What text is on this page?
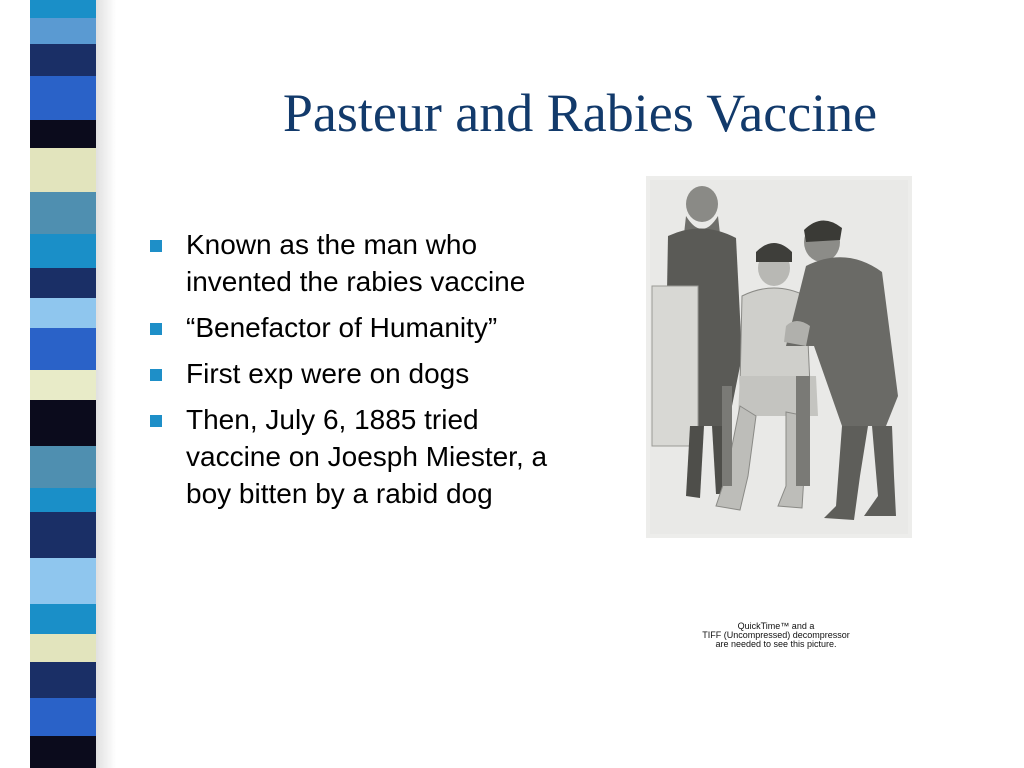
Pasteur and Rabies Vaccine
Known as the man who invented the rabies vaccine
“Benefactor of Humanity”
First exp were on dogs
Then, July 6, 1885 tried vaccine on Joesph Miester, a boy bitten by a rabid dog
QuickTime™ and a
TIFF (Uncompressed) decompressor
are needed to see this picture.
